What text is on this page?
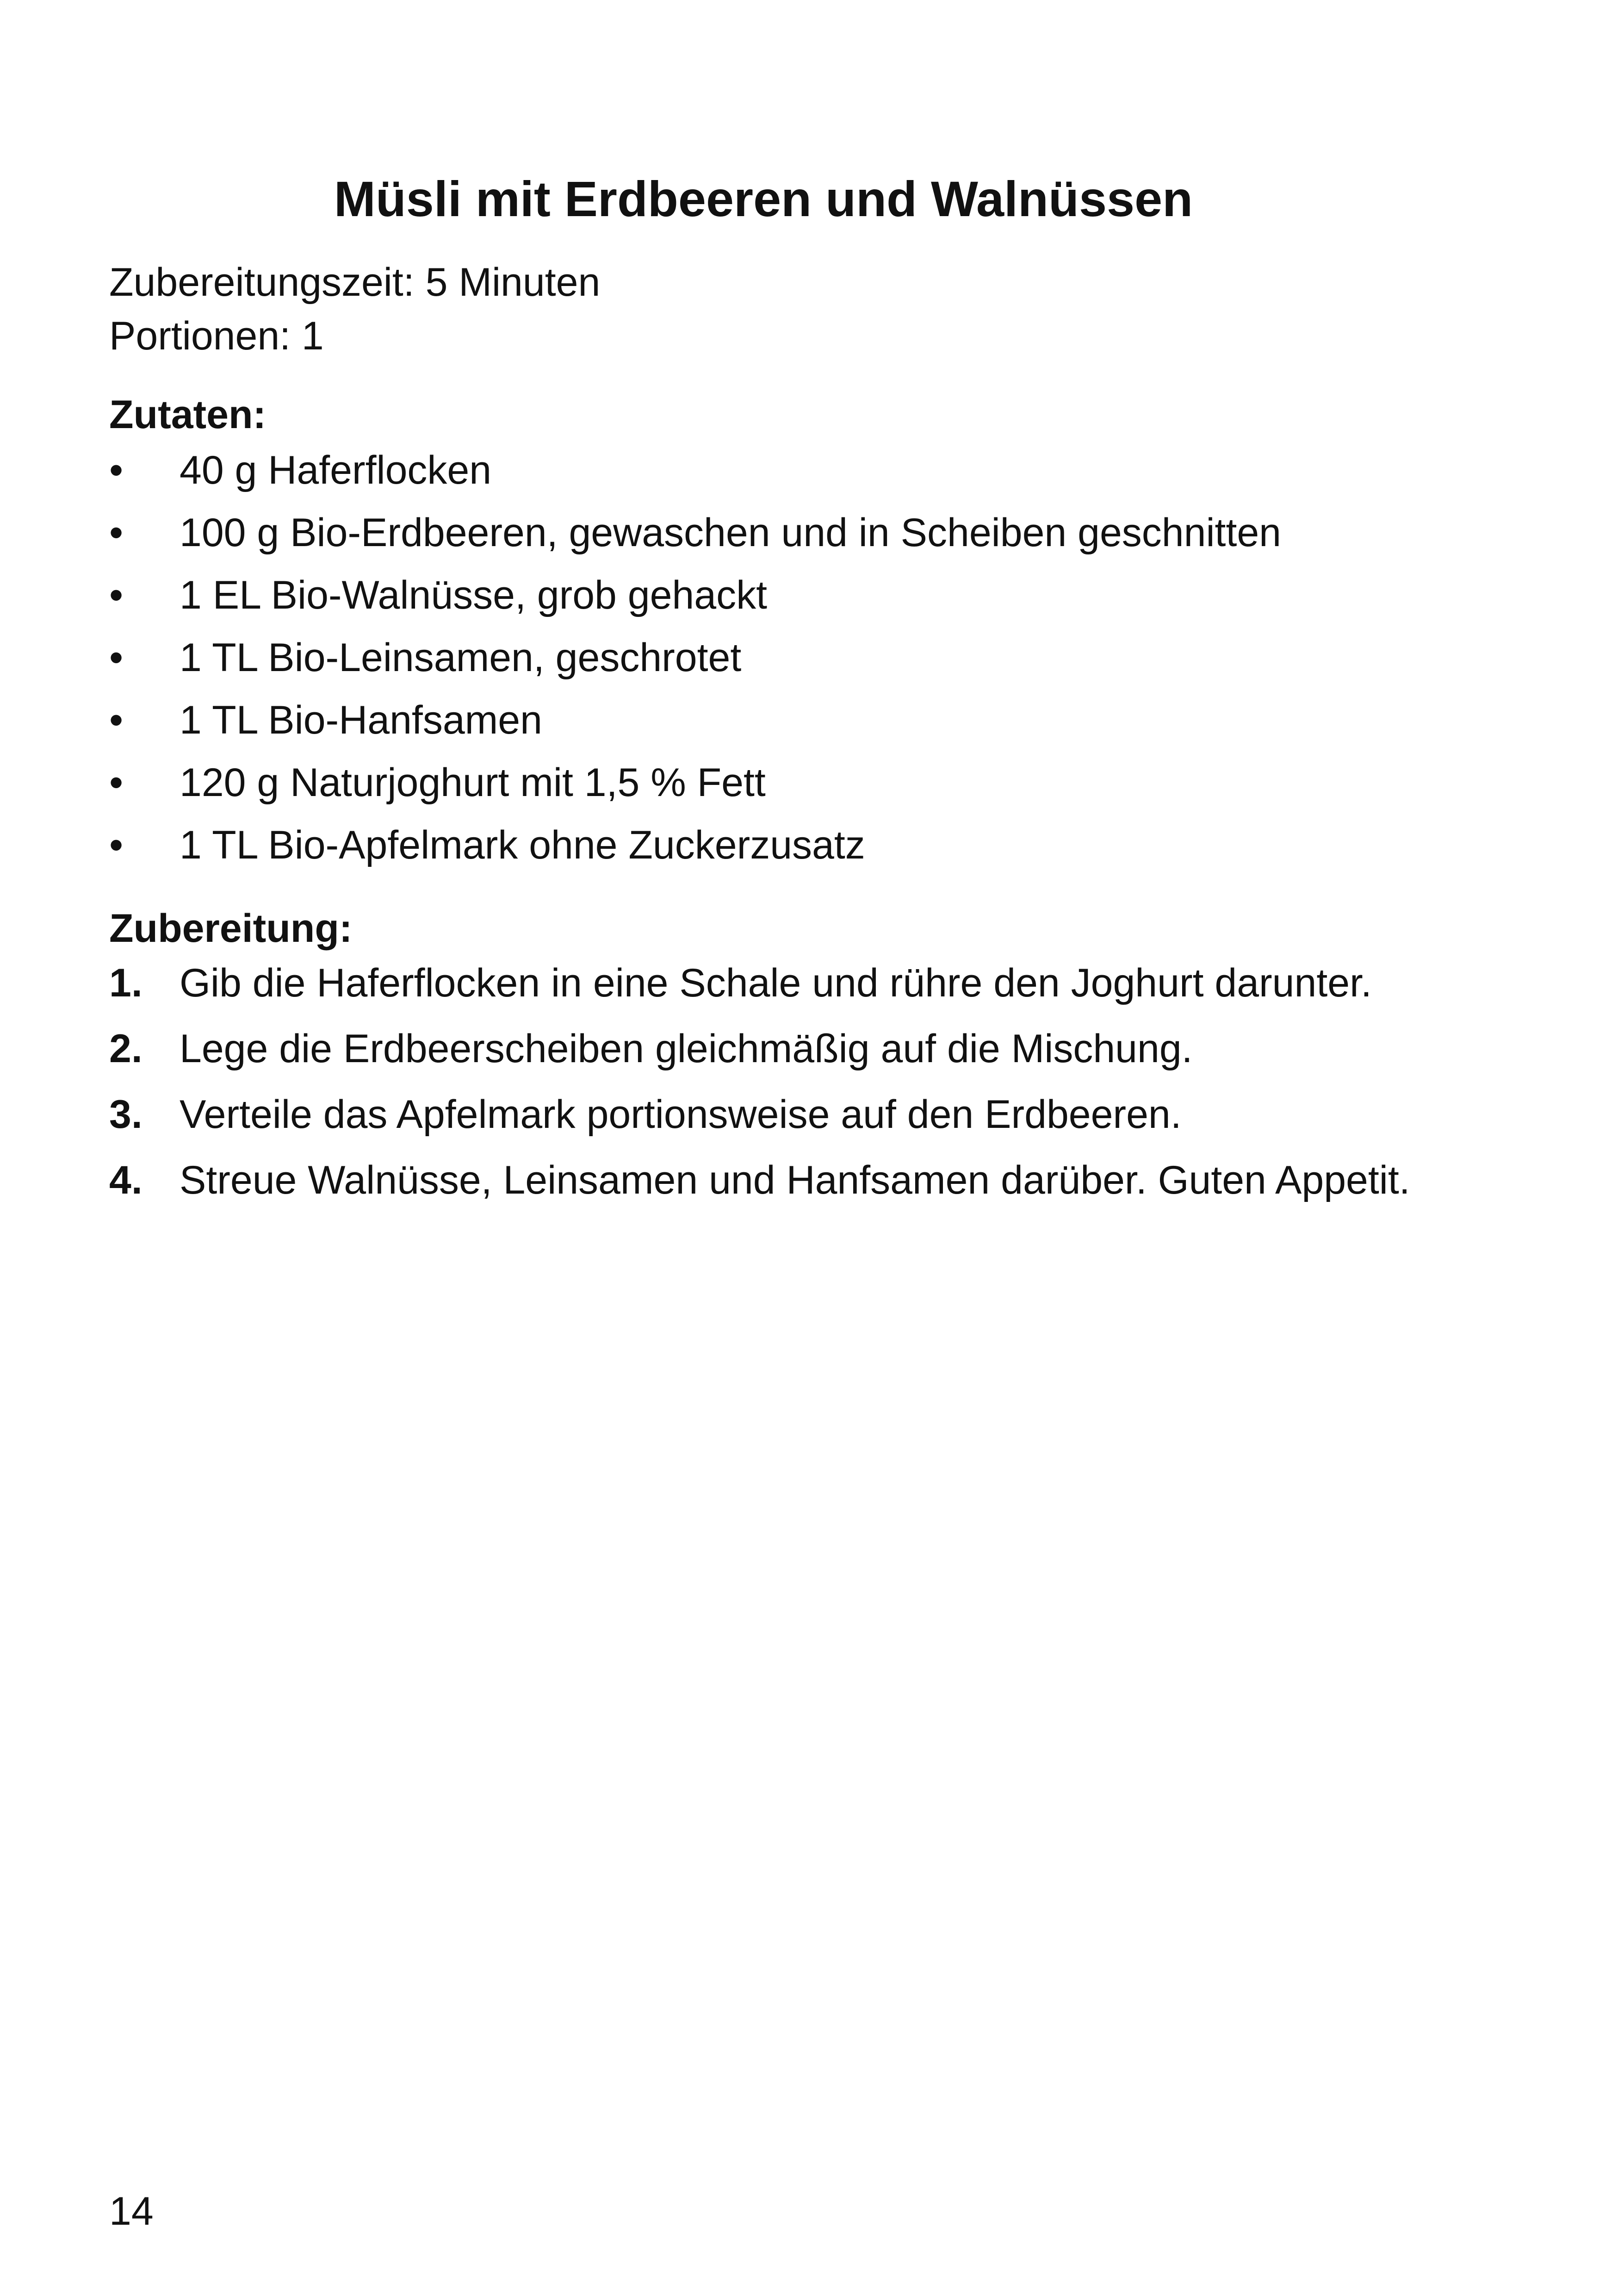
Müsli mit Erdbeeren und Walnüssen

Zubereitungszeit: 5 Minuten

Portionen: 1

Zutaten:
•	40 g Haferflocken
•	100 g Bio-Erdbeeren, gewaschen und in Scheiben geschnitten
•	1 EL Bio-Walnüsse, grob gehackt
•	1 TL Bio-Leinsamen, geschrotet
•	1 TL Bio-Hanfsamen
•	120 g Naturjoghurt mit 1,5 % Fett
•	1 TL Bio-Apfelmark ohne Zuckerzusatz
Zubereitung:
1. Gib die Haferflocken in eine Schale und rühre den Joghurt darunter.
2. Lege die Erdbeerscheiben gleichmäßig auf die Mischung.
3. Verteile das Apfelmark portionsweise auf den Erdbeeren.
4. Streue Walnüsse, Leinsamen und Hanfsamen darüber. Guten Appetit.

14
